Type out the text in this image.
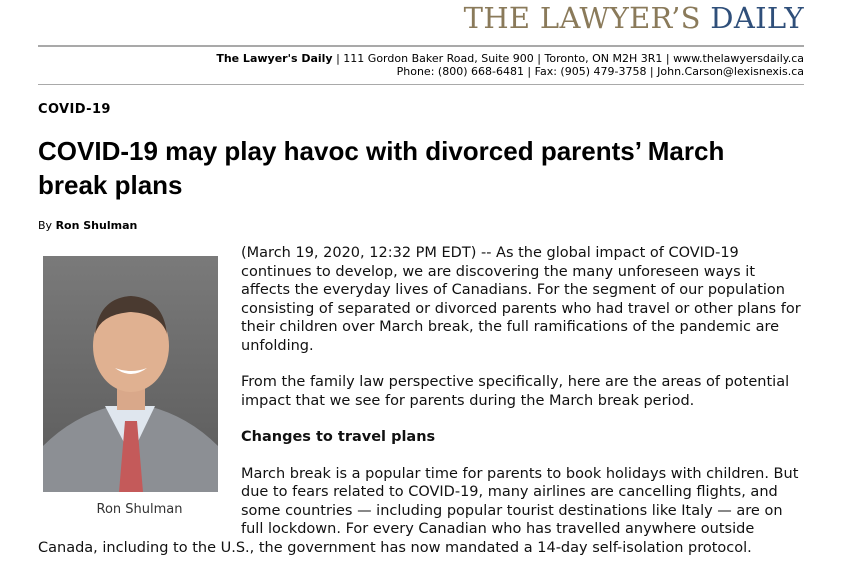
THE LAWYER’S DAILY
The Lawyer's Daily | 111 Gordon Baker Road, Suite 900 | Toronto, ON M2H 3R1 | www.thelawyersdaily.ca
Phone: (800) 668-6481 | Fax: (905) 479-3758 | John.Carson@lexisnexis.ca
COVID-19
COVID-19 may play havoc with divorced parents’ March break plans
By Ron Shulman
Ron Shulman

(March 19, 2020, 12:32 PM EDT) -- As the global impact of COVID-19 continues to develop, we are discovering the many unforeseen ways it affects the everyday lives of Canadians. For the segment of our population consisting of separated or divorced parents who had travel or other plans for their children over March break, the full ramifications of the pandemic are unfolding.

From the family law perspective specifically, here are the areas of potential impact that we see for parents during the March break period.

Changes to travel plans

March break is a popular time for parents to book holidays with children. But due to fears related to COVID-19, many airlines are cancelling flights, and some countries — including popular tourist destinations like Italy — are on full lockdown. For every Canadian who has travelled anywhere outside Canada, including to the U.S., the government has now mandated a 14-day self-isolation protocol.
